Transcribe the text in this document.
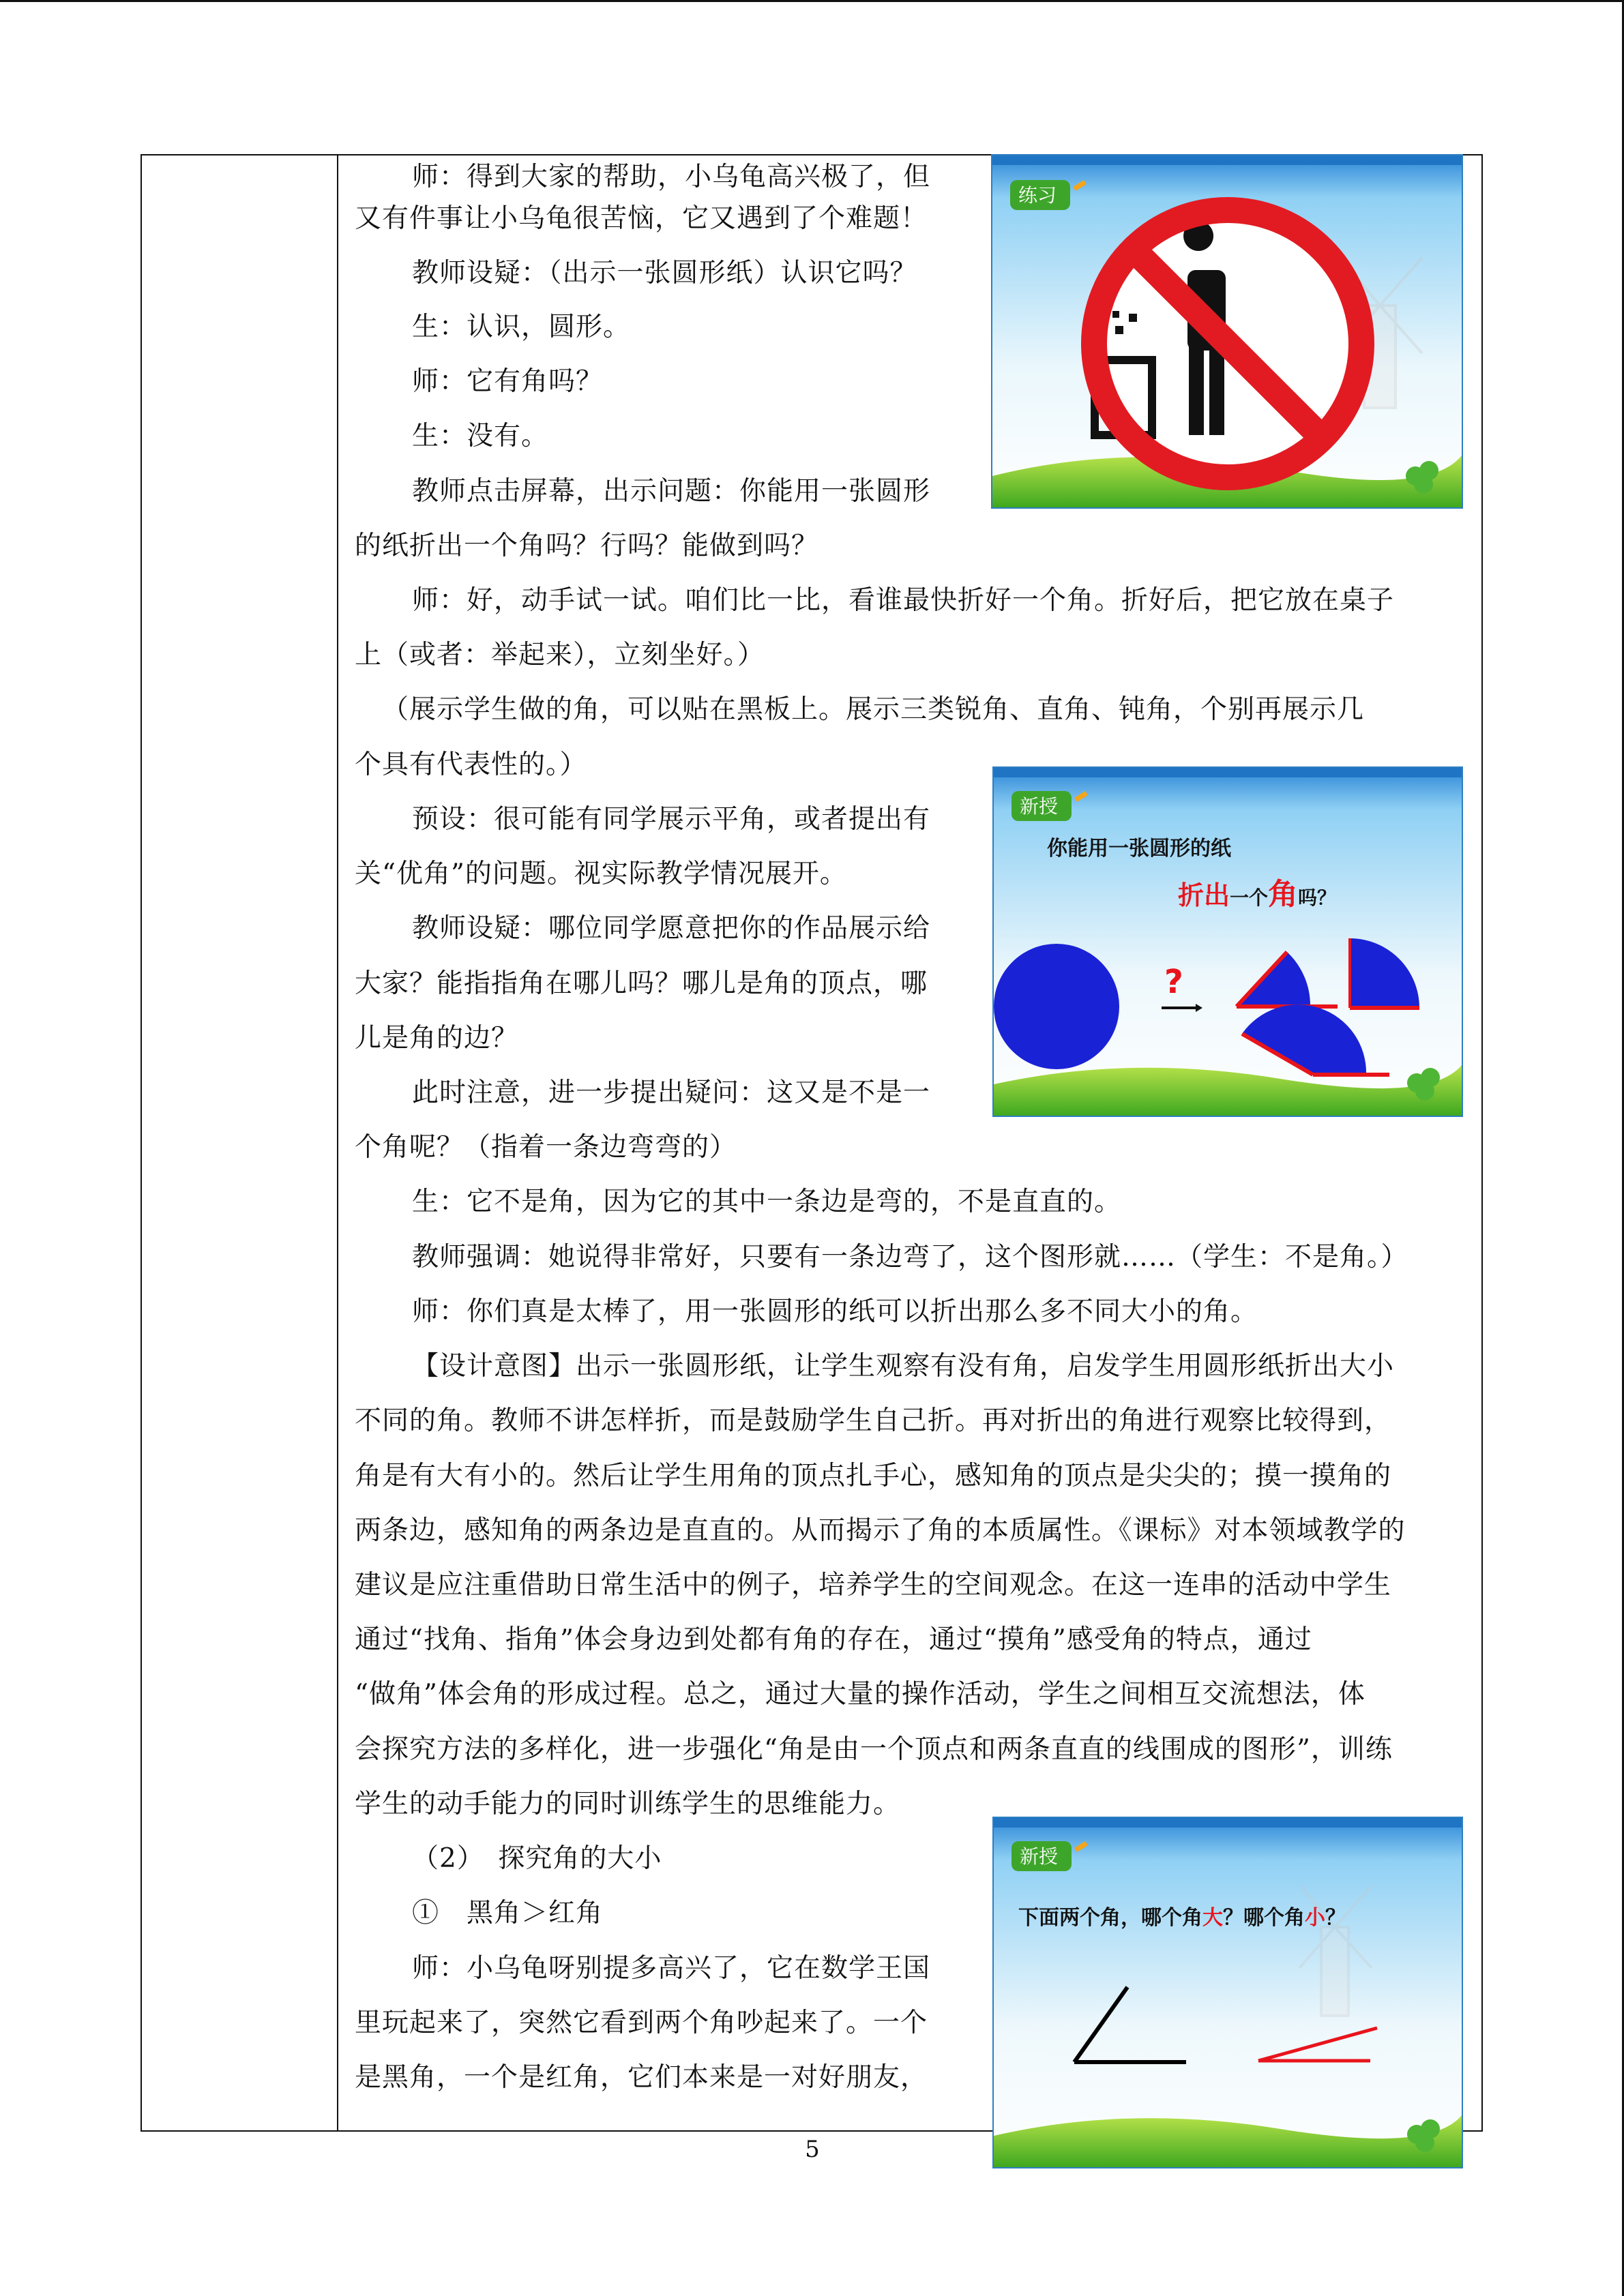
师：得到大家的帮助，小乌龟高兴极了，但
又有件事让小乌龟很苦恼，它又遇到了个难题！
教师设疑：（出示一张圆形纸）认识它吗？
生：认识，圆形。
师：它有角吗？
生：没有。
教师点击屏幕，出示问题：你能用一张圆形
的纸折出一个角吗？行吗？能做到吗？
师：好，动手试一试。咱们比一比，看谁最快折好一个角。折好后，把它放在桌子
上（或者：举起来），立刻坐好。）
（展示学生做的角，可以贴在黑板上。展示三类锐角、直角、钝角，个别再展示几
个具有代表性的。）
预设：很可能有同学展示平角，或者提出有
关“优角”的问题。视实际教学情况展开。
教师设疑：哪位同学愿意把你的作品展示给
大家？能指指角在哪儿吗？哪儿是角的顶点，哪
儿是角的边？
此时注意，进一步提出疑问：这又是不是一
个角呢？（指着一条边弯弯的）
生：它不是角，因为它的其中一条边是弯的，不是直直的。
教师强调：她说得非常好，只要有一条边弯了，这个图形就……（学生：不是角。）
师：你们真是太棒了，用一张圆形的纸可以折出那么多不同大小的角。
【设计意图】出示一张圆形纸，让学生观察有没有角，启发学生用圆形纸折出大小
不同的角。教师不讲怎样折，而是鼓励学生自己折。再对折出的角进行观察比较得到，
角是有大有小的。然后让学生用角的顶点扎手心，感知角的顶点是尖尖的；摸一摸角的
两条边，感知角的两条边是直直的。从而揭示了角的本质属性。《课标》对本领域教学的
建议是应注重借助日常生活中的例子，培养学生的空间观念。在这一连串的活动中学生
通过“找角、指角”体会身边到处都有角的存在，通过“摸角”感受角的特点，通过
“做角”体会角的形成过程。总之，通过大量的操作活动，学生之间相互交流想法，体
会探究方法的多样化，进一步强化“角是由一个顶点和两条直直的线围成的图形”，训练
学生的动手能力的同时训练学生的思维能力。
（2）　探究角的大小
①　黑角＞红角
师：小乌龟呀别提多高兴了，它在数学王国
里玩起来了，突然它看到两个角吵起来了。一个
是黑角，一个是红角，它们本来是一对好朋友，
5
练习
新授
你能用一张圆形的纸
折出一个角吗？
?
新授
下面两个角，哪个角大？哪个角小？
